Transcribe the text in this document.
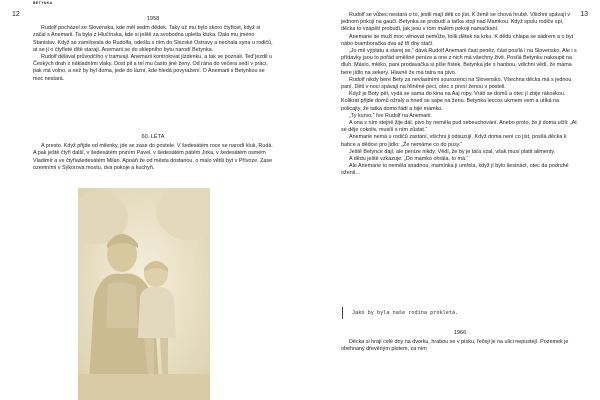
BETYNKA
12
1958

Rudolf pocházel ze Slovenska, kde měl sedm dědek. Taky už mu bylo skoro čtyřicet, když si začal s Anemarii. Ta byla z Hlučínska, kde si ještě za svobodna upletla kluka. Dala mu jméno Stanislav. Když se zamilovala do Rudolfa, odešla s ním do Slezské Ostravy a nechala syna u rodičů, at se jí o čtyřleté dítě starají. Anemarii se do sklepního bytu narodí Betynka.

Rudolf dělával průvodčího v tramvaji. Anemarii kontrolovat jízdenku, a tak se poznali. Teď jezdil u Českých drah s nákladními vlaky. Dost pil a tel mu často jiné ženy. Od rána do večera sedí v práci, pak má volno, a než by byl doma, jede do lázní, kde hledá povyražení. O Anemarii s Betynkou se moc nestará.

60. LÉTA

A presto. Když přijde od milenky, jde se zase do postele. V šedesátém roce se narodí kluk, Rudá. A pak ještě čtyři další, v šedesátém prvním Pavel, v šedesátém pátém Jirka, v šedesátém osmém Vladimír a ve čtyřiašedesátém Milan. Apoáň že od města dostanou, o malo větší byt v Přívoze. Zase ozemními v Sýkorova mostu, dva pokoje a kuchyň.

13

Rudolf se vůbec nestará o to, jestli mají děti co jíst. K ženě se chová hrubě. Všichni spávají v jednom pokoji na gauči. Betynka se probudí a taťka stojí nad Mamkou. Když spolu rodiče spí, děcka to vzápětí probudí, jak jsou v tom malém pokoji namačkaní.

Anemarie se muži moc věnovat nemůže, tolik dětek na krku. K dědu chlapa se sádrem a o byt nábo bramboračka dva až tři dny stačí.

„Jo mě výplatu a starej se,“ dává Rudolf Anemarii čast peněz, část posílá i na Slovensko. Ale i s přídavky jsou to pořád směšné peníze a one z nich má všechny živit. Posílá Betynku nakoupit na dluh. Máslo, mléko, paní prodavačka si píše řistek. Betynka jde s hanbou, vdichni vědí, že máma bere jídlo na sekery. Hlavně že má tatra na pivo.

Rudolf nikdy bere Bety za nevlastními sourozenci na Slovensko. Všechna děcka má s jednou paní. Děti v noci spávají na hliněné peci, otec s první ženou v posteli.

Když je Boty pět, vydá se sama do kina na Aaj ropy. Vrátí se domů a otec jí zbije rákoskou. Kolikrát přijde domů ožralý a hned se sape na ženu. Betynka leccos ukrnem vem a utíká na policajty, že tatka domo řádí a bije mamku.

„Ty kurvo,“ řve Rudolf na Anemarii.

A ona s ním stejně žije dál, pivo by neměla pud sebeuchování. Anebo proto, že ji doma učili: „At se děje cokoliv, musíš s ním zůstat.“

Anemarie nemá u rodičů zastání, všichni ji odsuzují. Když doma není co jíst, posílá děcka k babce a dědovi pro jídlo: „Že nemáme co do pusy.“

Ještě Betynce dají, ale peníze nikdy. Vědí, že by je taťa vzal, však musí platit alimenty.

A dědu ještě vzkazuje: „Do mamko ohrála, to má.“

Ale Anemarie to neměla snadnou, mamínka ji umřela, když jí bylo šestnáct, otec da podruhé oženil…

Jako by byla naše rodina prokletá.
1966

Děcka si hrají celé dny na dvorku, hrabou se v písku, řečeji je na ulici nepustejí. Pozemek je obehnaný dřevěným plotem, za ním
